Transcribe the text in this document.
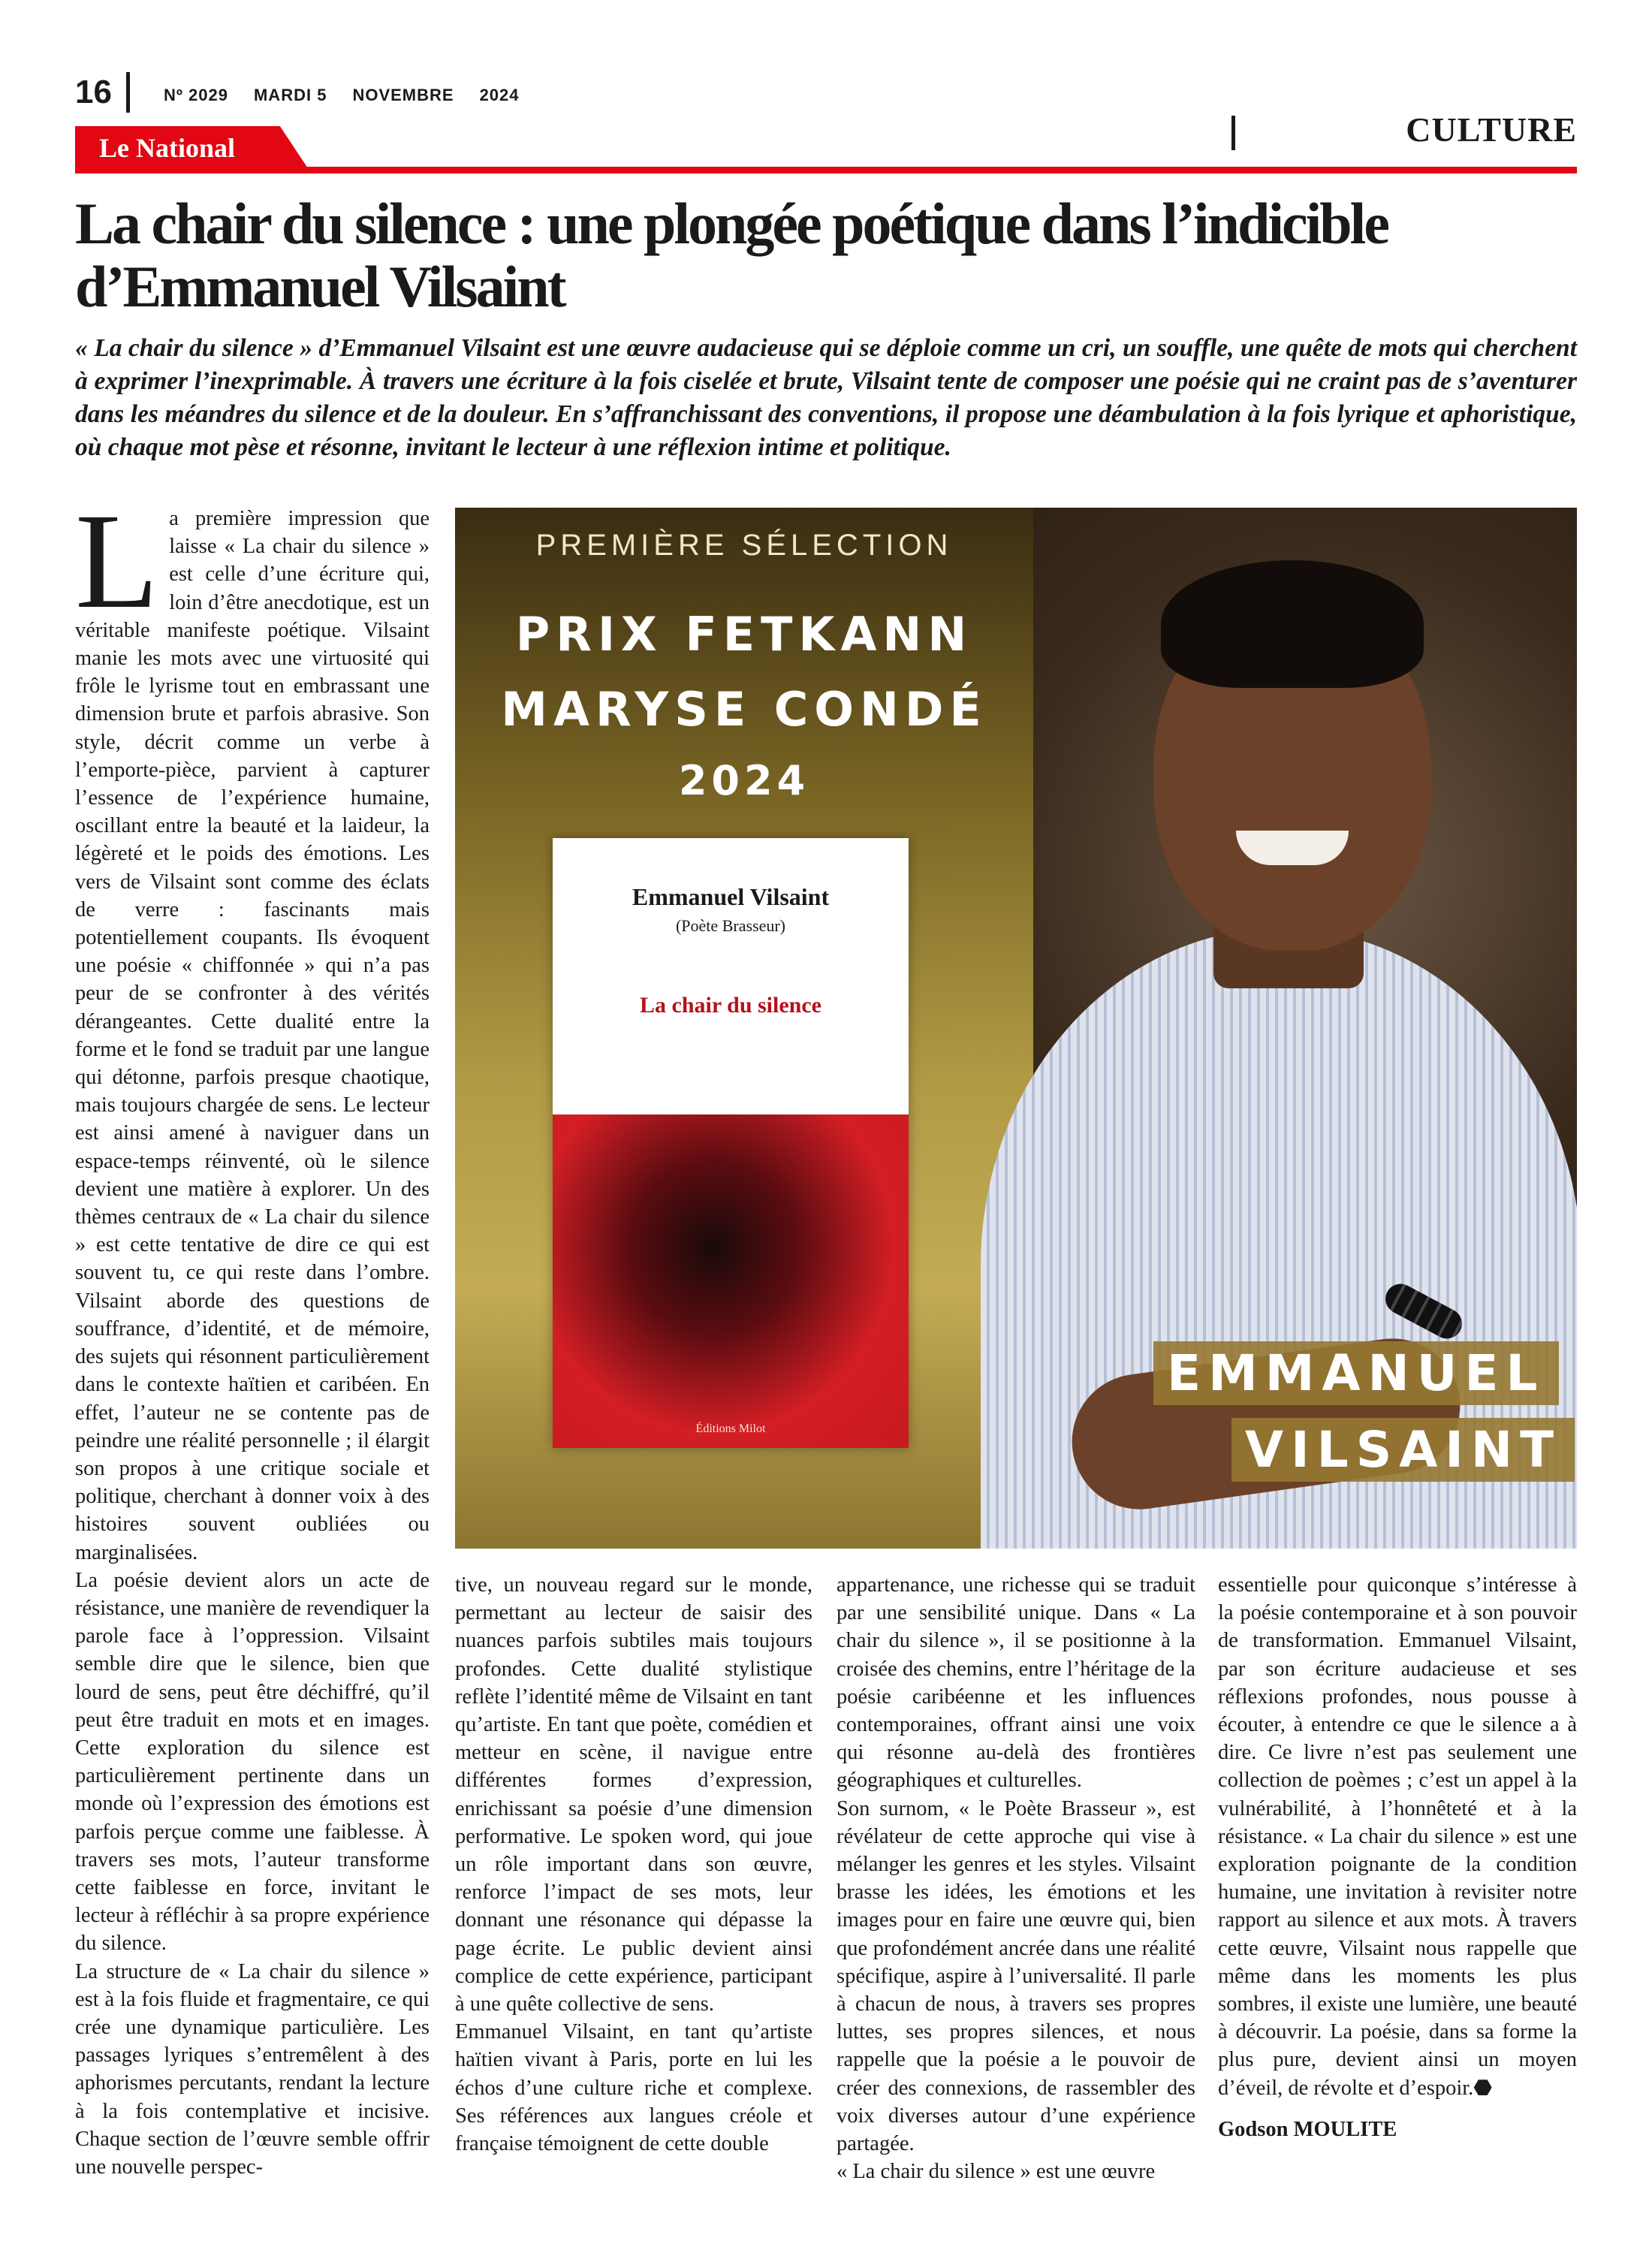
16	Nº 2029 MARDI 5 NOVEMBRE 2024
Le National	CULTURE
La chair du silence : une plongée poétique dans l’indicible d’Emmanuel Vilsaint

« La chair du silence » d’Emmanuel Vilsaint est une œuvre audacieuse qui se déploie comme un cri, un souffle, une quête de mots qui cherchent à exprimer l’inexprimable. À travers une écriture à la fois ciselée et brute, Vilsaint tente de composer une poésie qui ne craint pas de s’aventurer dans les méandres du silence et de la douleur. En s’affranchissant des conventions, il propose une déambulation à la fois lyrique et aphoristique, où chaque mot pèse et résonne, invitant le lecteur à une réflexion intime et politique.

La première impression que laisse « La chair du silence » est celle d’une écriture qui, loin d’être anecdotique, est un véritable manifeste poétique. Vilsaint manie les mots avec une virtuosité qui frôle le lyrisme tout en embrassant une dimension brute et parfois abrasive. Son style, décrit comme un verbe à l’emporte-pièce, parvient à capturer l’essence de l’expérience humaine, oscillant entre la beauté et la laideur, la légèreté et le poids des émotions. Les vers de Vilsaint sont comme des éclats de verre : fascinants mais potentiellement coupants. Ils évoquent une poésie « chiffonnée » qui n’a pas peur de se confronter à des vérités dérangeantes. Cette dualité entre la forme et le fond se traduit par une langue qui détonne, parfois presque chaotique, mais toujours chargée de sens. Le lecteur est ainsi amené à naviguer dans un espace-temps réinventé, où le silence devient une matière à explorer. Un des thèmes centraux de « La chair du silence » est cette tentative de dire ce qui est souvent tu, ce qui reste dans l’ombre. Vilsaint aborde des questions de souffrance, d’identité, et de mémoire, des sujets qui résonnent particulièrement dans le contexte haïtien et caribéen. En effet, l’auteur ne se contente pas de peindre une réalité personnelle ; il élargit son propos à une critique sociale et politique, cherchant à donner voix à des histoires souvent oubliées ou marginalisées.

La poésie devient alors un acte de résistance, une manière de revendiquer la parole face à l’oppression. Vilsaint semble dire que le silence, bien que lourd de sens, peut être déchiffré, qu’il peut être traduit en mots et en images. Cette exploration du silence est particulièrement pertinente dans un monde où l’expression des émotions est parfois perçue comme une faiblesse. À travers ses mots, l’auteur transforme cette faiblesse en force, invitant le lecteur à réfléchir à sa propre expérience du silence.

La structure de « La chair du silence » est à la fois fluide et fragmentaire, ce qui crée une dynamique particulière. Les passages lyriques s’entremêlent à des aphorismes percutants, rendant la lecture à la fois contemplative et incisive. Chaque section de l’œuvre semble offrir une nouvelle perspec-

PREMIÈRE SÉLECTION
PRIX FETKANN
MARYSE CONDÉ
2024
Emmanuel Vilsaint
(Poète Brasseur)
La chair du silence
Éditions Milot
EMMANUEL
VILSAINT

tive, un nouveau regard sur le monde, permettant au lecteur de saisir des nuances parfois subtiles mais toujours profondes. Cette dualité stylistique reflète l’identité même de Vilsaint en tant qu’artiste. En tant que poète, comédien et metteur en scène, il navigue entre différentes formes d’expression, enrichissant sa poésie d’une dimension performative. Le spoken word, qui joue un rôle important dans son œuvre, renforce l’impact de ses mots, leur donnant une résonance qui dépasse la page écrite. Le public devient ainsi complice de cette expérience, participant à une quête collective de sens.

Emmanuel Vilsaint, en tant qu’artiste haïtien vivant à Paris, porte en lui les échos d’une culture riche et complexe. Ses références aux langues créole et française témoignent de cette double

appartenance, une richesse qui se traduit par une sensibilité unique. Dans « La chair du silence », il se positionne à la croisée des chemins, entre l’héritage de la poésie caribéenne et les influences contemporaines, offrant ainsi une voix qui résonne au-delà des frontières géographiques et culturelles.

Son surnom, « le Poète Brasseur », est révélateur de cette approche qui vise à mélanger les genres et les styles. Vilsaint brasse les idées, les émotions et les images pour en faire une œuvre qui, bien que profondément ancrée dans une réalité spécifique, aspire à l’universalité. Il parle à chacun de nous, à travers ses propres luttes, ses propres silences, et nous rappelle que la poésie a le pouvoir de créer des connexions, de rassembler des voix diverses autour d’une expérience partagée.

« La chair du silence » est une œuvre

essentielle pour quiconque s’intéresse à la poésie contemporaine et à son pouvoir de transformation. Emmanuel Vilsaint, par son écriture audacieuse et ses réflexions profondes, nous pousse à écouter, à entendre ce que le silence a à dire. Ce livre n’est pas seulement une collection de poèmes ; c’est un appel à la vulnérabilité, à l’honnêteté et à la résistance. « La chair du silence » est une exploration poignante de la condition humaine, une invitation à revisiter notre rapport au silence et aux mots. À travers cette œuvre, Vilsaint nous rappelle que même dans les moments les plus sombres, il existe une lumière, une beauté à découvrir. La poésie, dans sa forme la plus pure, devient ainsi un moyen d’éveil, de révolte et d’espoir.⬣

Godson MOULITE
